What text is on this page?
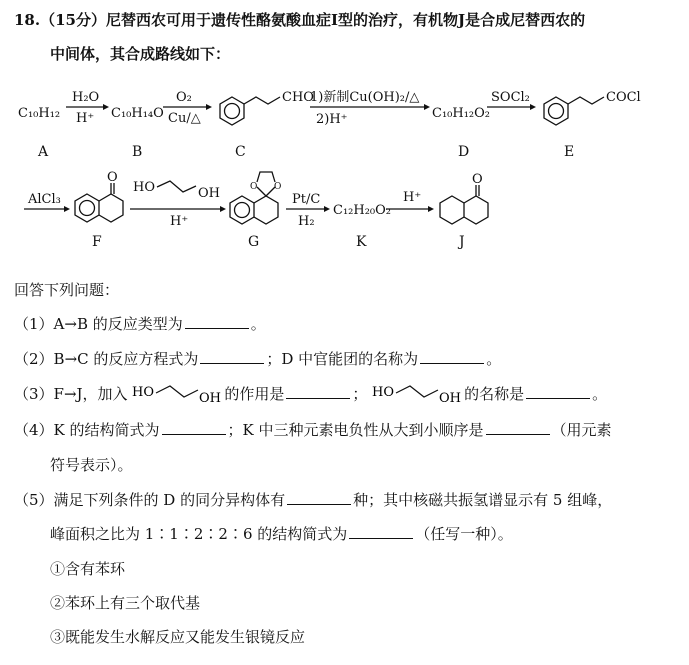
18.（15分）尼替西农可用于遗传性酪氨酸血症Ⅰ型的治疗，有机物J是合成尼替西农的
中间体，其合成路线如下：
C₁₀H₁₂
A
H₂O
H⁺ C₁₀H₁₄O
B
O₂
Cu/△
CHO
C
1)新制Cu(OH)₂/△
2)H⁺	C₁₀H₁₂O₂
D
SOCl₂	COCl
E
AlCl₃
O
F
HO	OH
H⁺
O O
G
Pt/C
H₂
C₁₂H₂₀O₂
K
H⁺
O
J
回答下列问题：
（1）A→B 的反应类型为	。
（2）B→C 的反应方程式为	；D 中官能团的名称为	。
（3）F→J，加入 HO	OH 的作用是	； HO	OH 的名称是	。
（4）K 的结构简式为	；K 中三种元素电负性从大到小顺序是	（用元素
符号表示）。
（5）满足下列条件的 D 的同分异构体有	种；其中核磁共振氢谱显示有 5 组峰，
峰面积之比为 1∶1∶2∶2∶6 的结构简式为	（任写一种）。
①含有苯环
②苯环上有三个取代基
③既能发生水解反应又能发生银镜反应
